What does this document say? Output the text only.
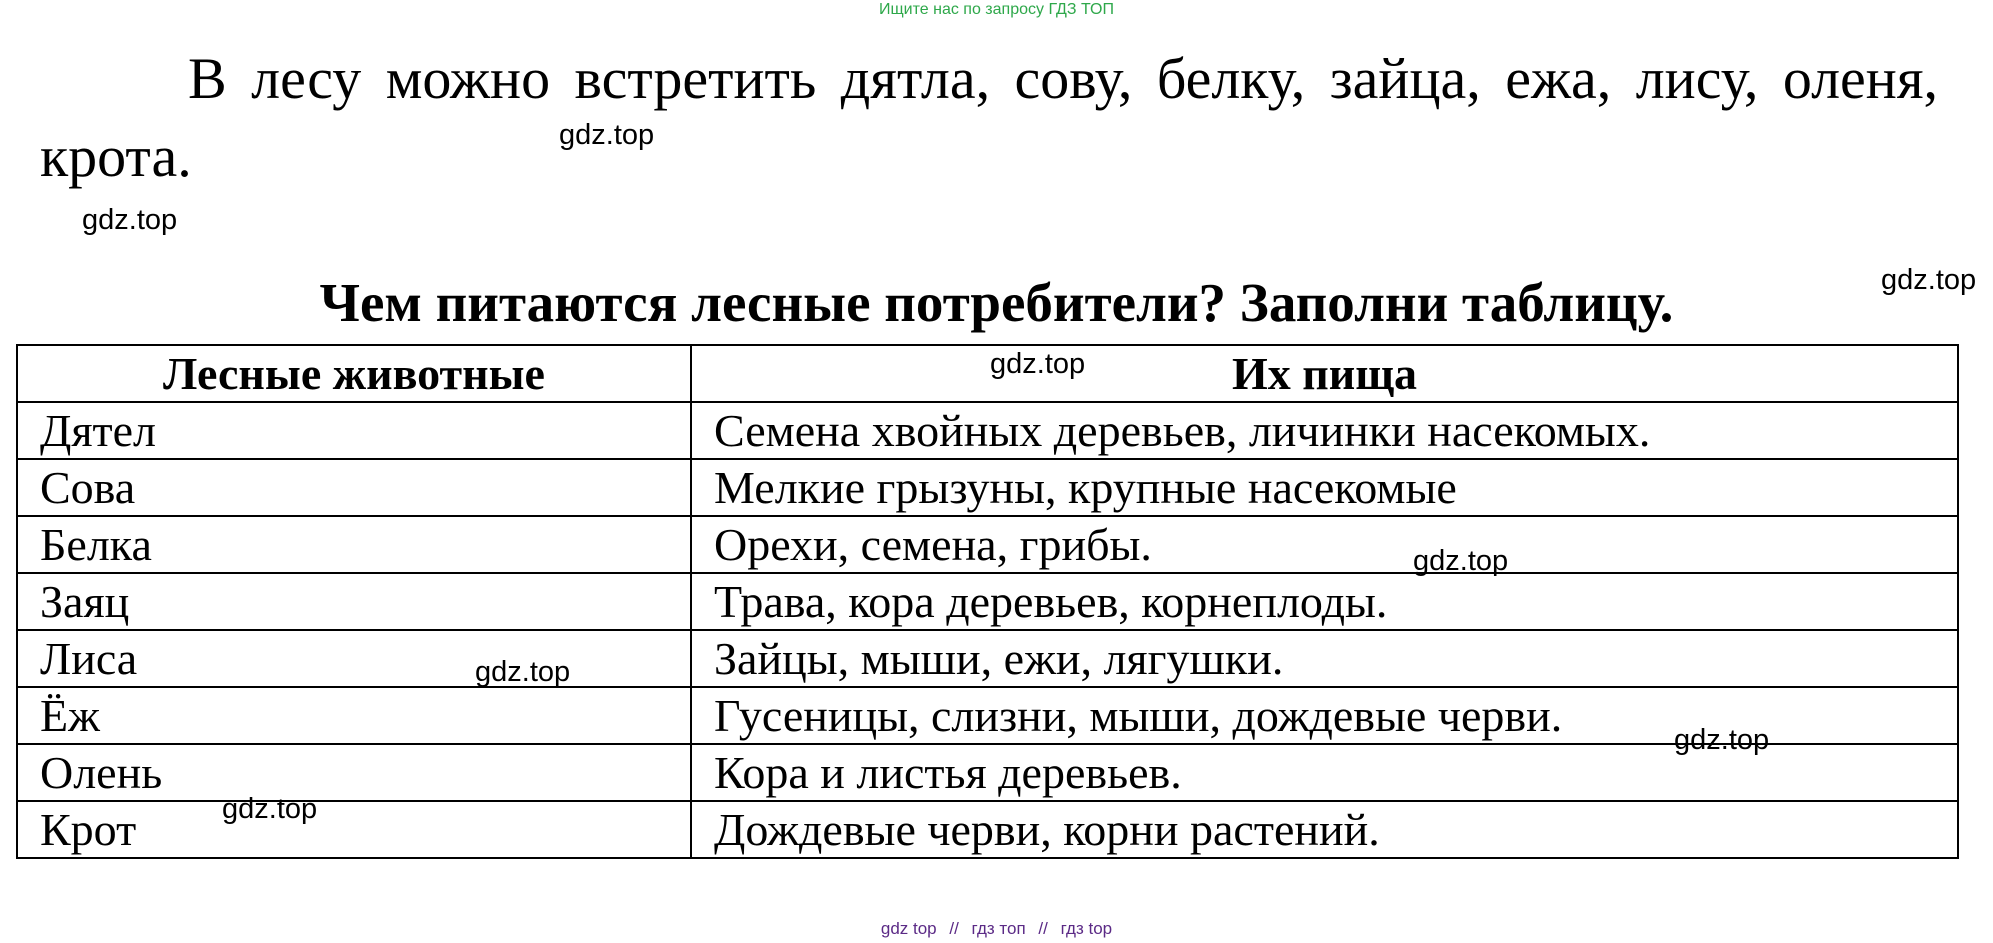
Ищите нас по запросу ГДЗ ТОП

В лесу можно встретить дятла, сову, белку, зайца, ежа, лису, оленя, крота.	gdz.top
gdz.top
gdz.top
Чем питаются лесные потребители? Заполни таблицу.
Лесные животные	Их пища
Дятел	Семена хвойных деревьев, личинки насекомых.
Сова	Мелкие грызуны, крупные насекомые
Белка	Орехи, семена, грибы.
Заяц	Трава, кора деревьев, корнеплоды.
Лиса	Зайцы, мыши, ежи, лягушки.
Ёж	Гусеницы, слизни, мыши, дождевые черви.
Олень	Кора и листья деревьев.
Крот	Дождевые черви, корни растений.
gdz.top
gdz.top
gdz.top
gdz.top
gdz.top
gdz top // гдз топ // гдз top
